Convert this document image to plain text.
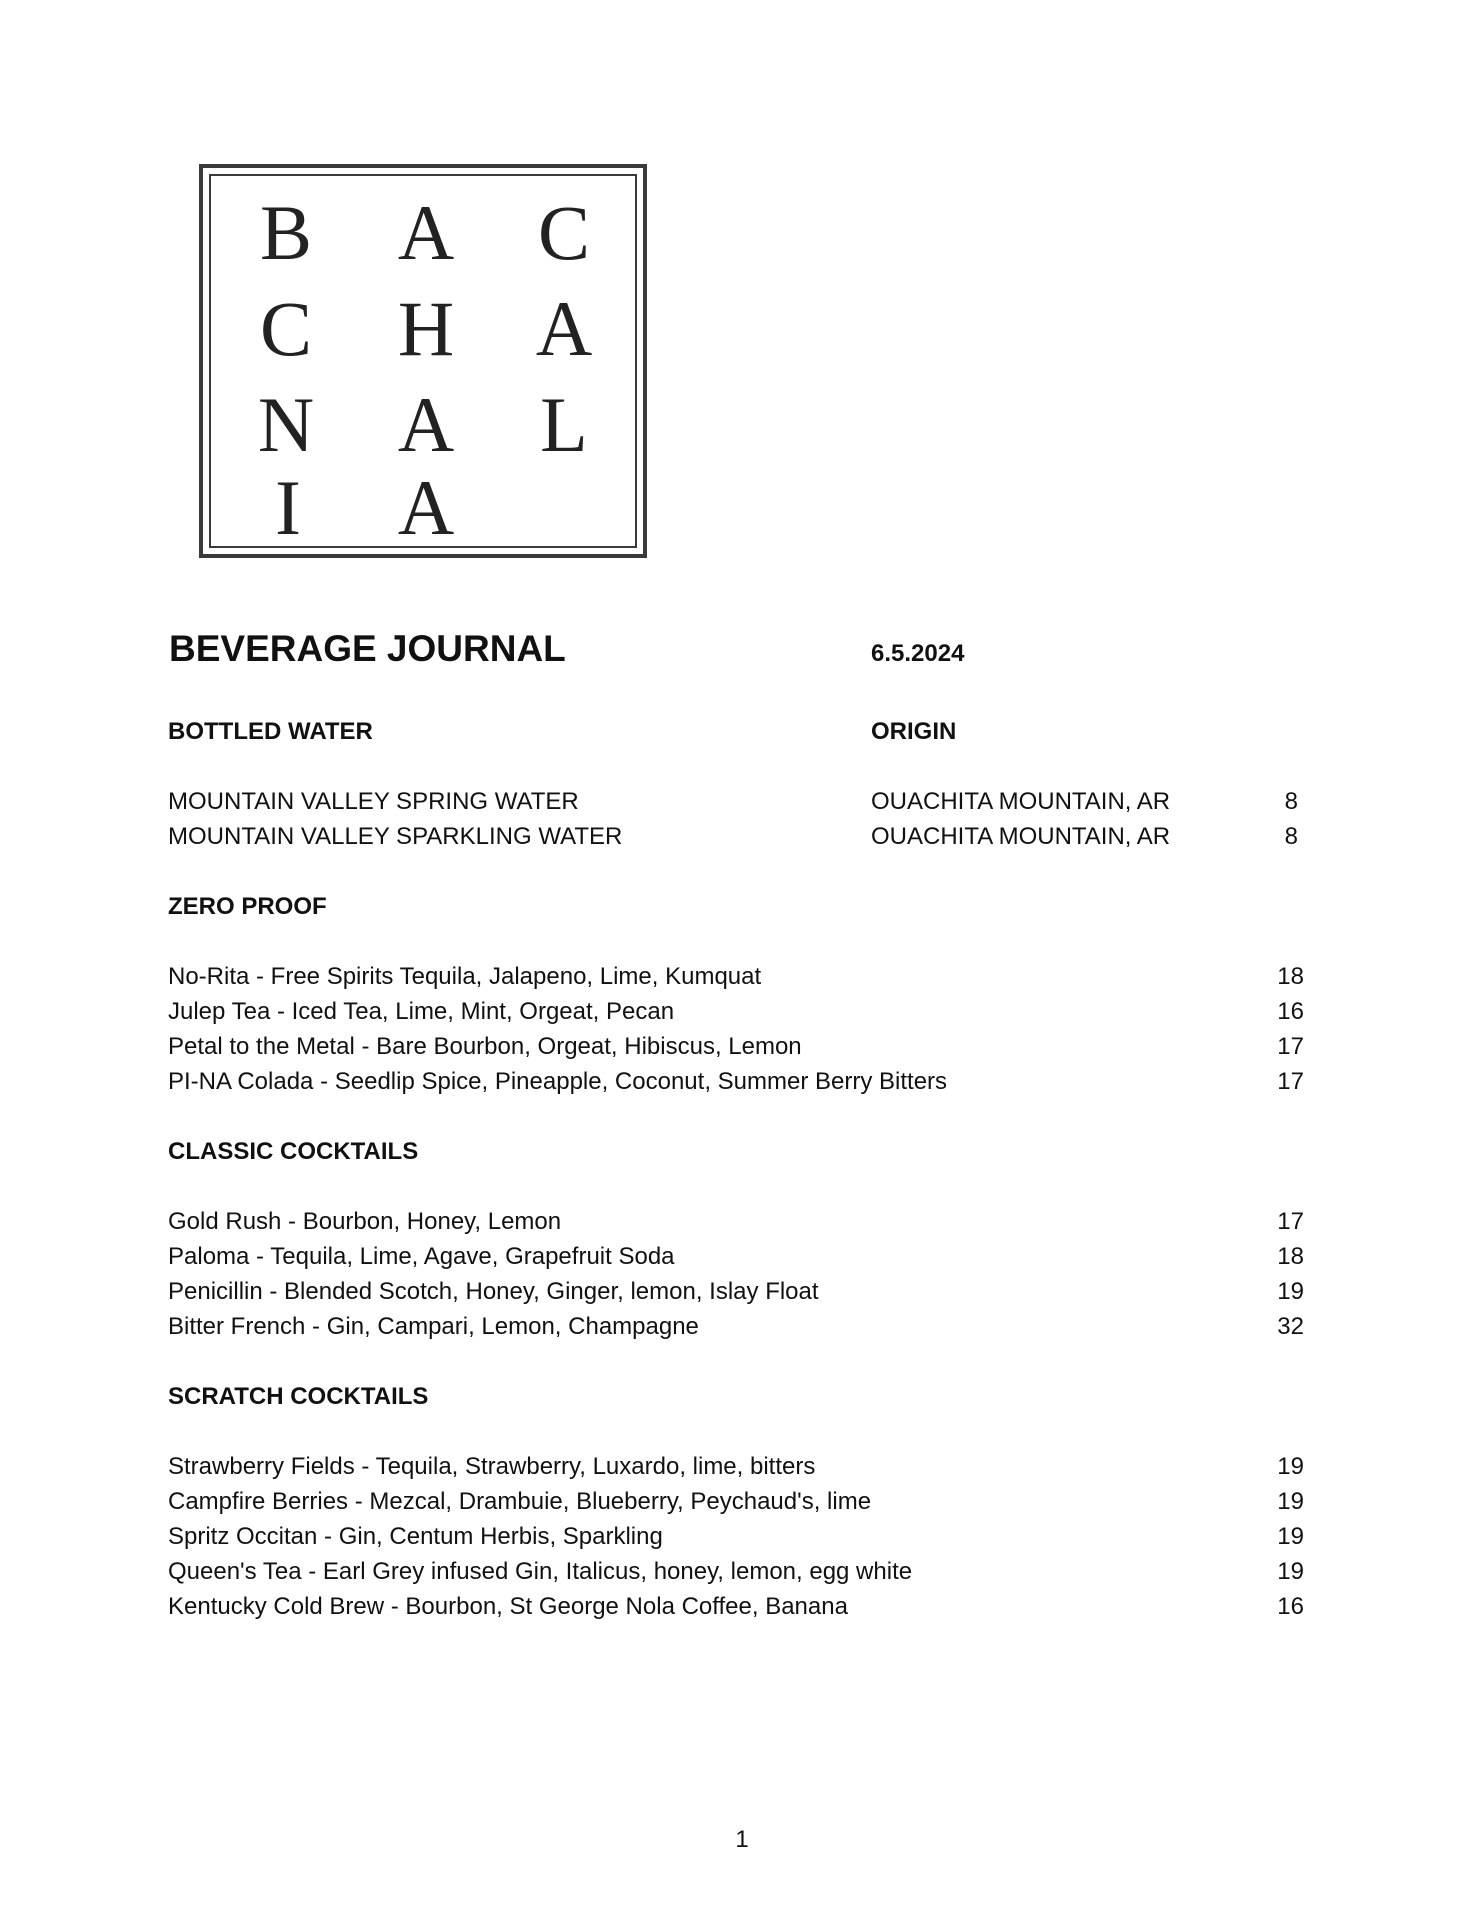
B A C
C H A
N A L
I	A
BEVERAGE JOURNAL	6.5.2024
BOTTLED WATER	ORIGIN
MOUNTAIN VALLEY SPRING WATER	OUACHITA MOUNTAIN, AR	8
MOUNTAIN VALLEY SPARKLING WATER	OUACHITA MOUNTAIN, AR	8
ZERO PROOF
No-Rita - Free Spirits Tequila, Jalapeno, Lime, Kumquat	18
Julep Tea - Iced Tea, Lime, Mint, Orgeat, Pecan	16
Petal to the Metal - Bare Bourbon, Orgeat, Hibiscus, Lemon	17
PI-NA Colada - Seedlip Spice, Pineapple, Coconut, Summer Berry Bitters	17
CLASSIC COCKTAILS
Gold Rush - Bourbon, Honey, Lemon	17
Paloma - Tequila, Lime, Agave, Grapefruit Soda	18
Penicillin - Blended Scotch, Honey, Ginger, lemon, Islay Float	19
Bitter French - Gin, Campari, Lemon, Champagne	32
SCRATCH COCKTAILS
Strawberry Fields - Tequila, Strawberry, Luxardo, lime, bitters	19
Campfire Berries - Mezcal, Drambuie, Blueberry, Peychaud's, lime	19
Spritz Occitan - Gin, Centum Herbis, Sparkling	19
Queen's Tea - Earl Grey infused Gin, Italicus, honey, lemon, egg white	19
Kentucky Cold Brew - Bourbon, St George Nola Coffee, Banana	16
1
